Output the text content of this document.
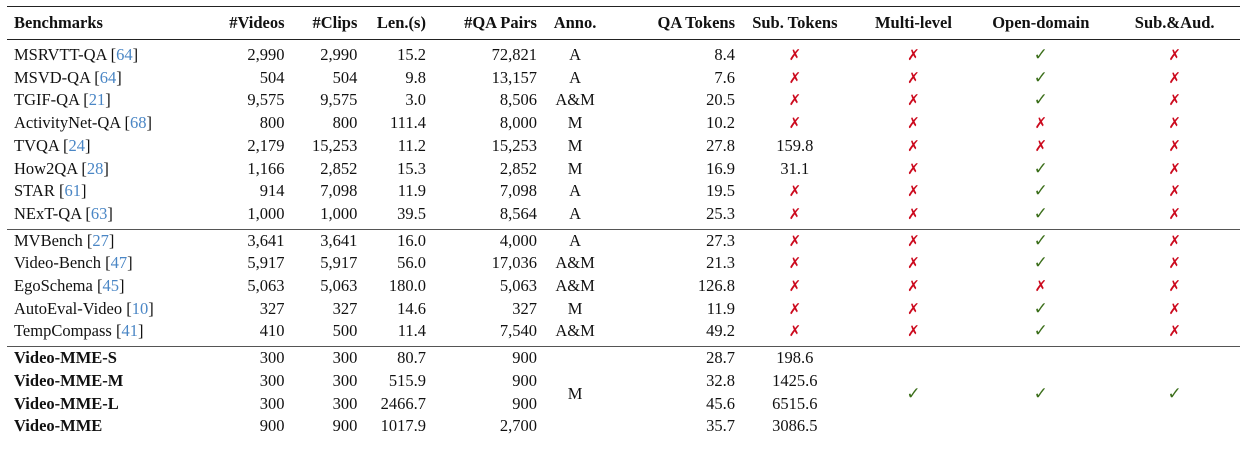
Benchmarks	#Videos	#Clips	Len.(s)	#QA Pairs	Anno.	QA Tokens	Sub. Tokens	Multi-level	Open-domain	Sub.&Aud.
MSRVTT-QA [64]	2,990	2,990	15.2	72,821	A	8.4	✗	✗	✓	✗
MSVD-QA [64]	504	504	9.8	13,157	A	7.6	✗	✗	✓	✗
TGIF-QA [21]	9,575	9,575	3.0	8,506	A&M	20.5	✗	✗	✓	✗
ActivityNet-QA [68]	800	800	111.4	8,000	M	10.2	✗	✗	✗	✗
TVQA [24]	2,179	15,253	11.2	15,253	M	27.8	159.8	✗	✗	✗
How2QA [28]	1,166	2,852	15.3	2,852	M	16.9	31.1	✗	✓	✗
STAR [61]	914	7,098	11.9	7,098	A	19.5	✗	✗	✓	✗
NExT-QA [63]	1,000	1,000	39.5	8,564	A	25.3	✗	✗	✓	✗
MVBench [27]	3,641	3,641	16.0	4,000	A	27.3	✗	✗	✓	✗
Video-Bench [47]	5,917	5,917	56.0	17,036	A&M	21.3	✗	✗	✓	✗
EgoSchema [45]	5,063	5,063	180.0	5,063	A&M	126.8	✗	✗	✗	✗
AutoEval-Video [10]	327	327	14.6	327	M	11.9	✗	✗	✓	✗
TempCompass [41]	410	500	11.4	7,540	A&M	49.2	✗	✗	✓	✗
Video-MME-S	300	300	80.7	900	M	28.7	198.6	✓	✓	✓
Video-MME-M	300	300	515.9	900		32.8	1425.6			
Video-MME-L	300	300	2466.7	900		45.6	6515.6			
Video-MME	900	900	1017.9	2,700		35.7	3086.5			
